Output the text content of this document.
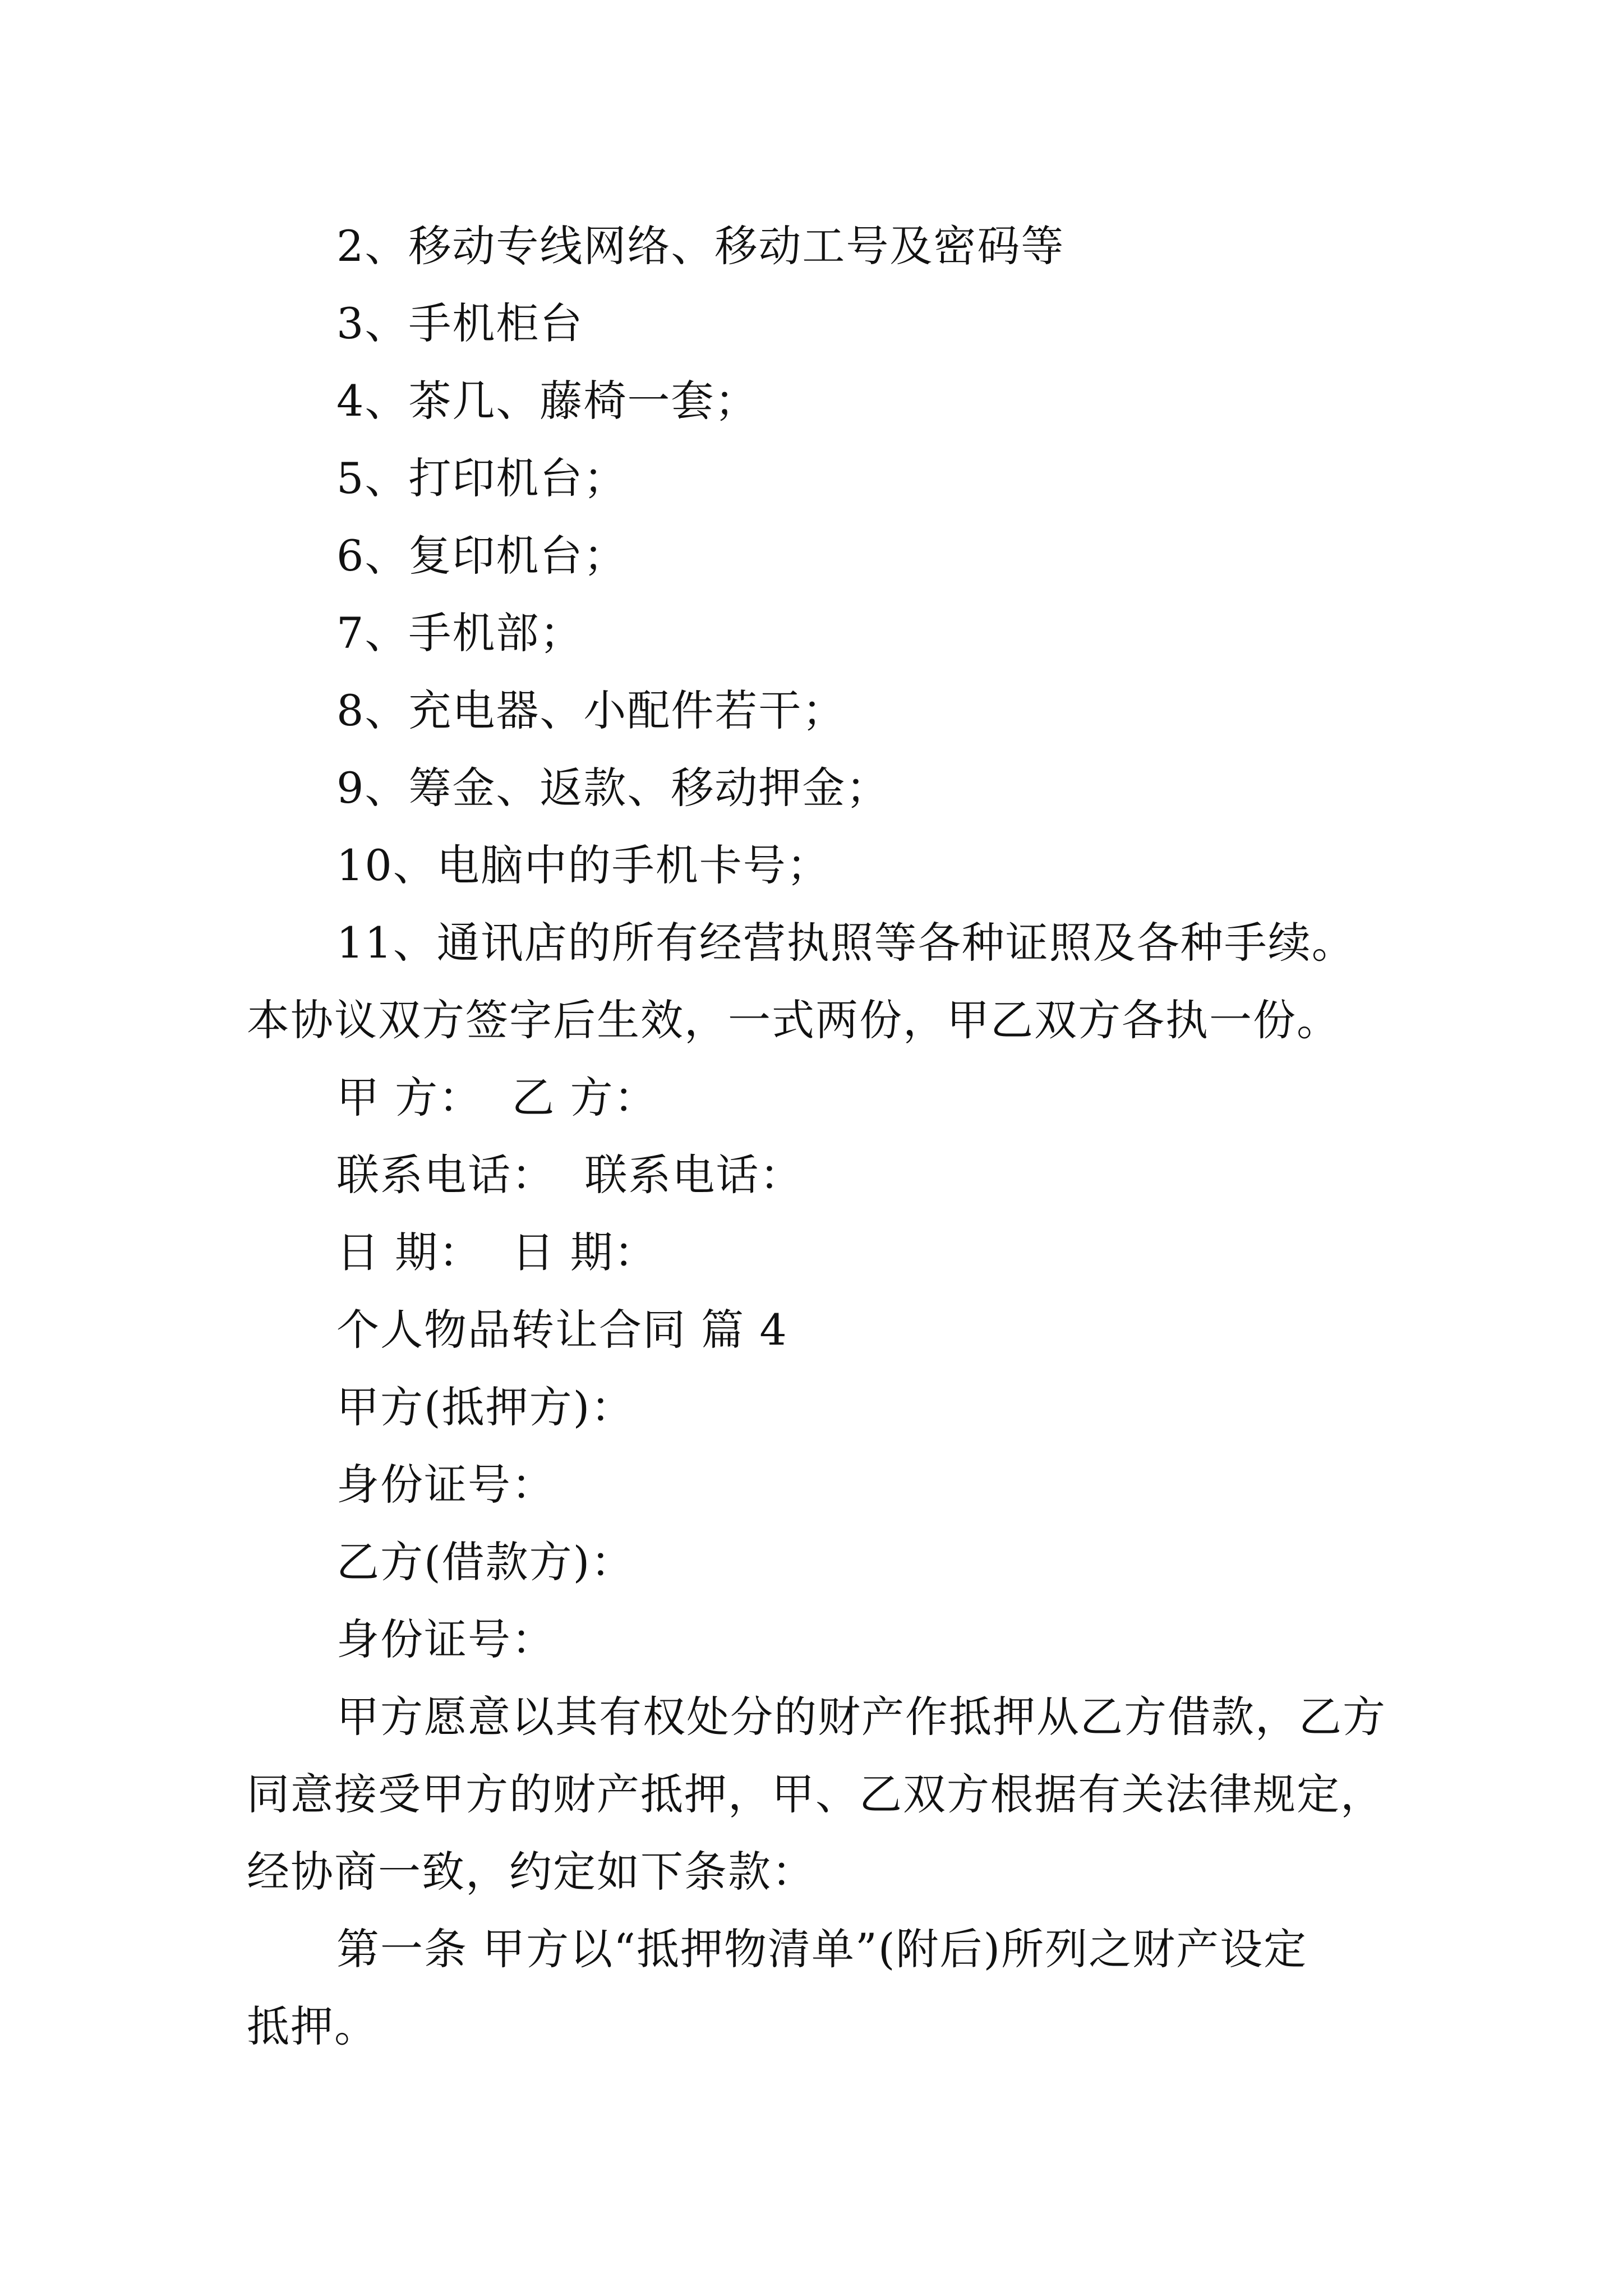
2、移动专线网络、移动工号及密码等
3、手机柜台
4、茶几、藤椅一套；
5、打印机台；
6、复印机台；
7、手机部；
8、充电器、小配件若干；
9、筹金、返款、移动押金；
10、电脑中的手机卡号；
11、通讯店的所有经营执照等各种证照及各种手续。
本协议双方签字后生效，一式两份，甲乙双方各执一份。
甲 方：  乙 方：
联系电话：  联系电话：
日 期：  日 期：
个人物品转让合同 篇 4
甲方(抵押方)：
身份证号：
乙方(借款方)：
身份证号：
甲方愿意以其有权处分的财产作抵押从乙方借款，乙方
同意接受甲方的财产抵押，甲、乙双方根据有关法律规定，
经协商一致，约定如下条款：
第一条 甲方以“抵押物清单”(附后)所列之财产设定
抵押。
